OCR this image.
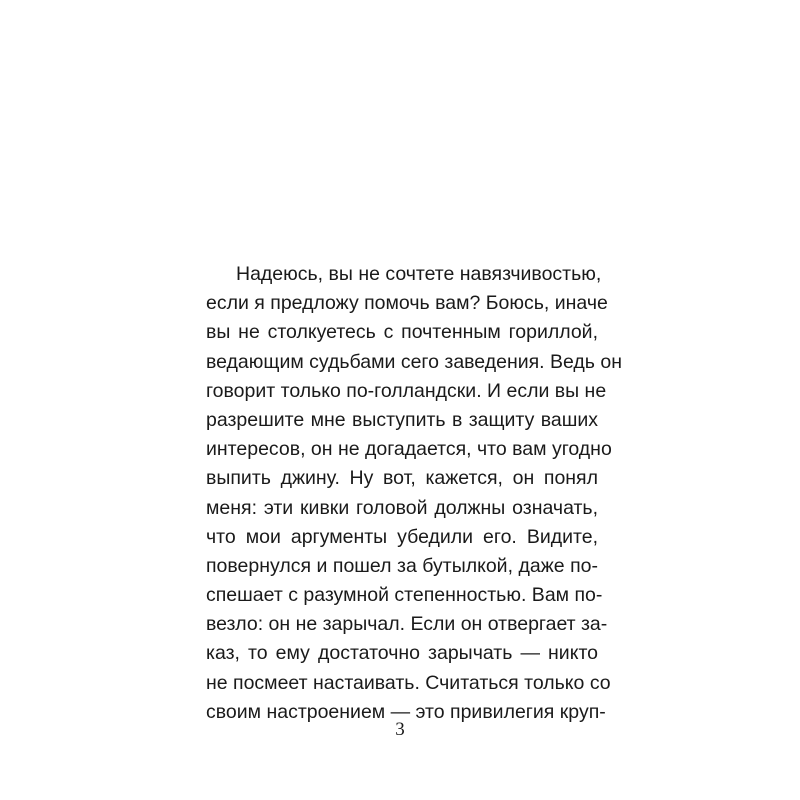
Надеюсь, вы не сочтете навязчивостью,
если я предложу помочь вам? Боюсь, иначе
вы не столкуетесь с почтенным гориллой,
ведающим судьбами сего заведения. Ведь он
говорит только по-голландски. И если вы не
разрешите мне выступить в защиту ваших
интересов, он не догадается, что вам угодно
выпить джину. Ну вот, кажется, он понял
меня: эти кивки головой должны означать,
что мои аргументы убедили его. Видите,
повернулся и пошел за бутылкой, даже по-
спешает с разумной степенностью. Вам по-
везло: он не зарычал. Если он отвергает за-
каз, то ему достаточно зарычать — никто
не посмеет настаивать. Считаться только со
своим настроением — это привилегия круп-
3
